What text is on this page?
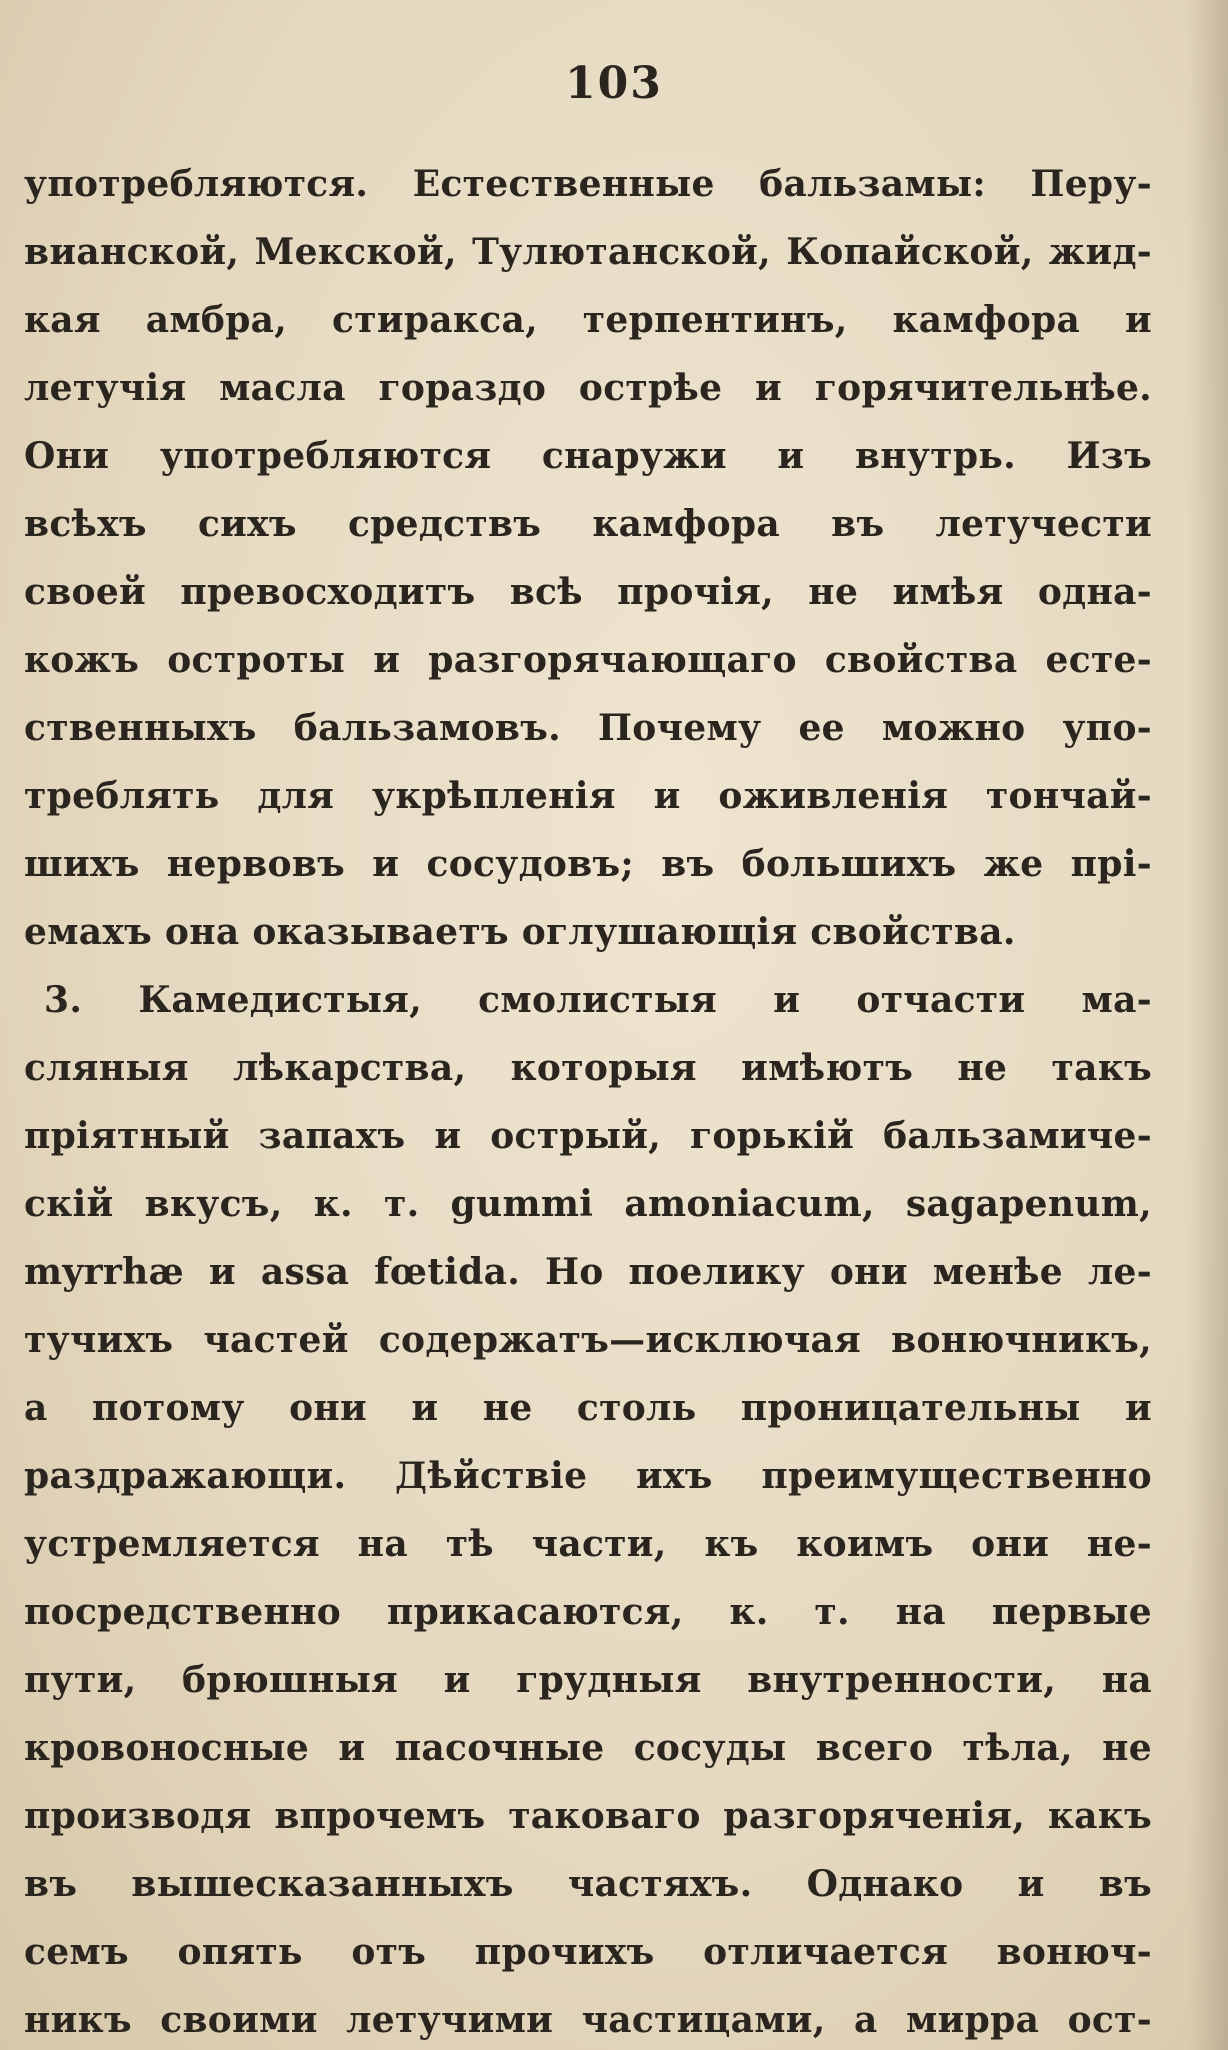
103
употребляются. Естественные бальзамы: Перу-
вианской, Мекской, Тулютанской, Копайской, жид-
кая амбра, стиракса, терпентинъ, камфора и
летучія масла гораздо острѣе и горячительнѣе.
Они употребляются снаружи и внутрь. Изъ
всѣхъ сихъ средствъ камфора въ летучести
своей превосходитъ всѣ прочія, не имѣя одна-
кожъ остроты и разгорячающаго свойства есте-
ственныхъ бальзамовъ. Почему ее можно упо-
треблять для укрѣпленія и оживленія тончай-
шихъ нервовъ и сосудовъ; въ большихъ же прі-
емахъ она оказываетъ оглушающія свойства.
3. Камедистыя, смолистыя и отчасти ма-
сляныя лѣкарства, которыя имѣютъ не такъ
пріятный запахъ и острый, горькій бальзамиче-
скій вкусъ, к. т. gummi amoniacum, sagapenum,
myrrhæ и assa fœtida. Но поелику они менѣе ле-
тучихъ частей содержатъ—исключая вонючникъ,
а потому они и не столь проницательны и
раздражающи. Дѣйствіе ихъ преимущественно
устремляется на тѣ части, къ коимъ они не-
посредственно прикасаются, к. т. на первые
пути, брюшныя и грудныя внутренности, на
кровоносные и пасочные сосуды всего тѣла, не
производя впрочемъ таковаго разгоряченія, какъ
въ вышесказанныхъ частяхъ. Однако и въ
семъ опять отъ прочихъ отличается вонюч-
никъ своими летучими частицами, а мирра ост-
